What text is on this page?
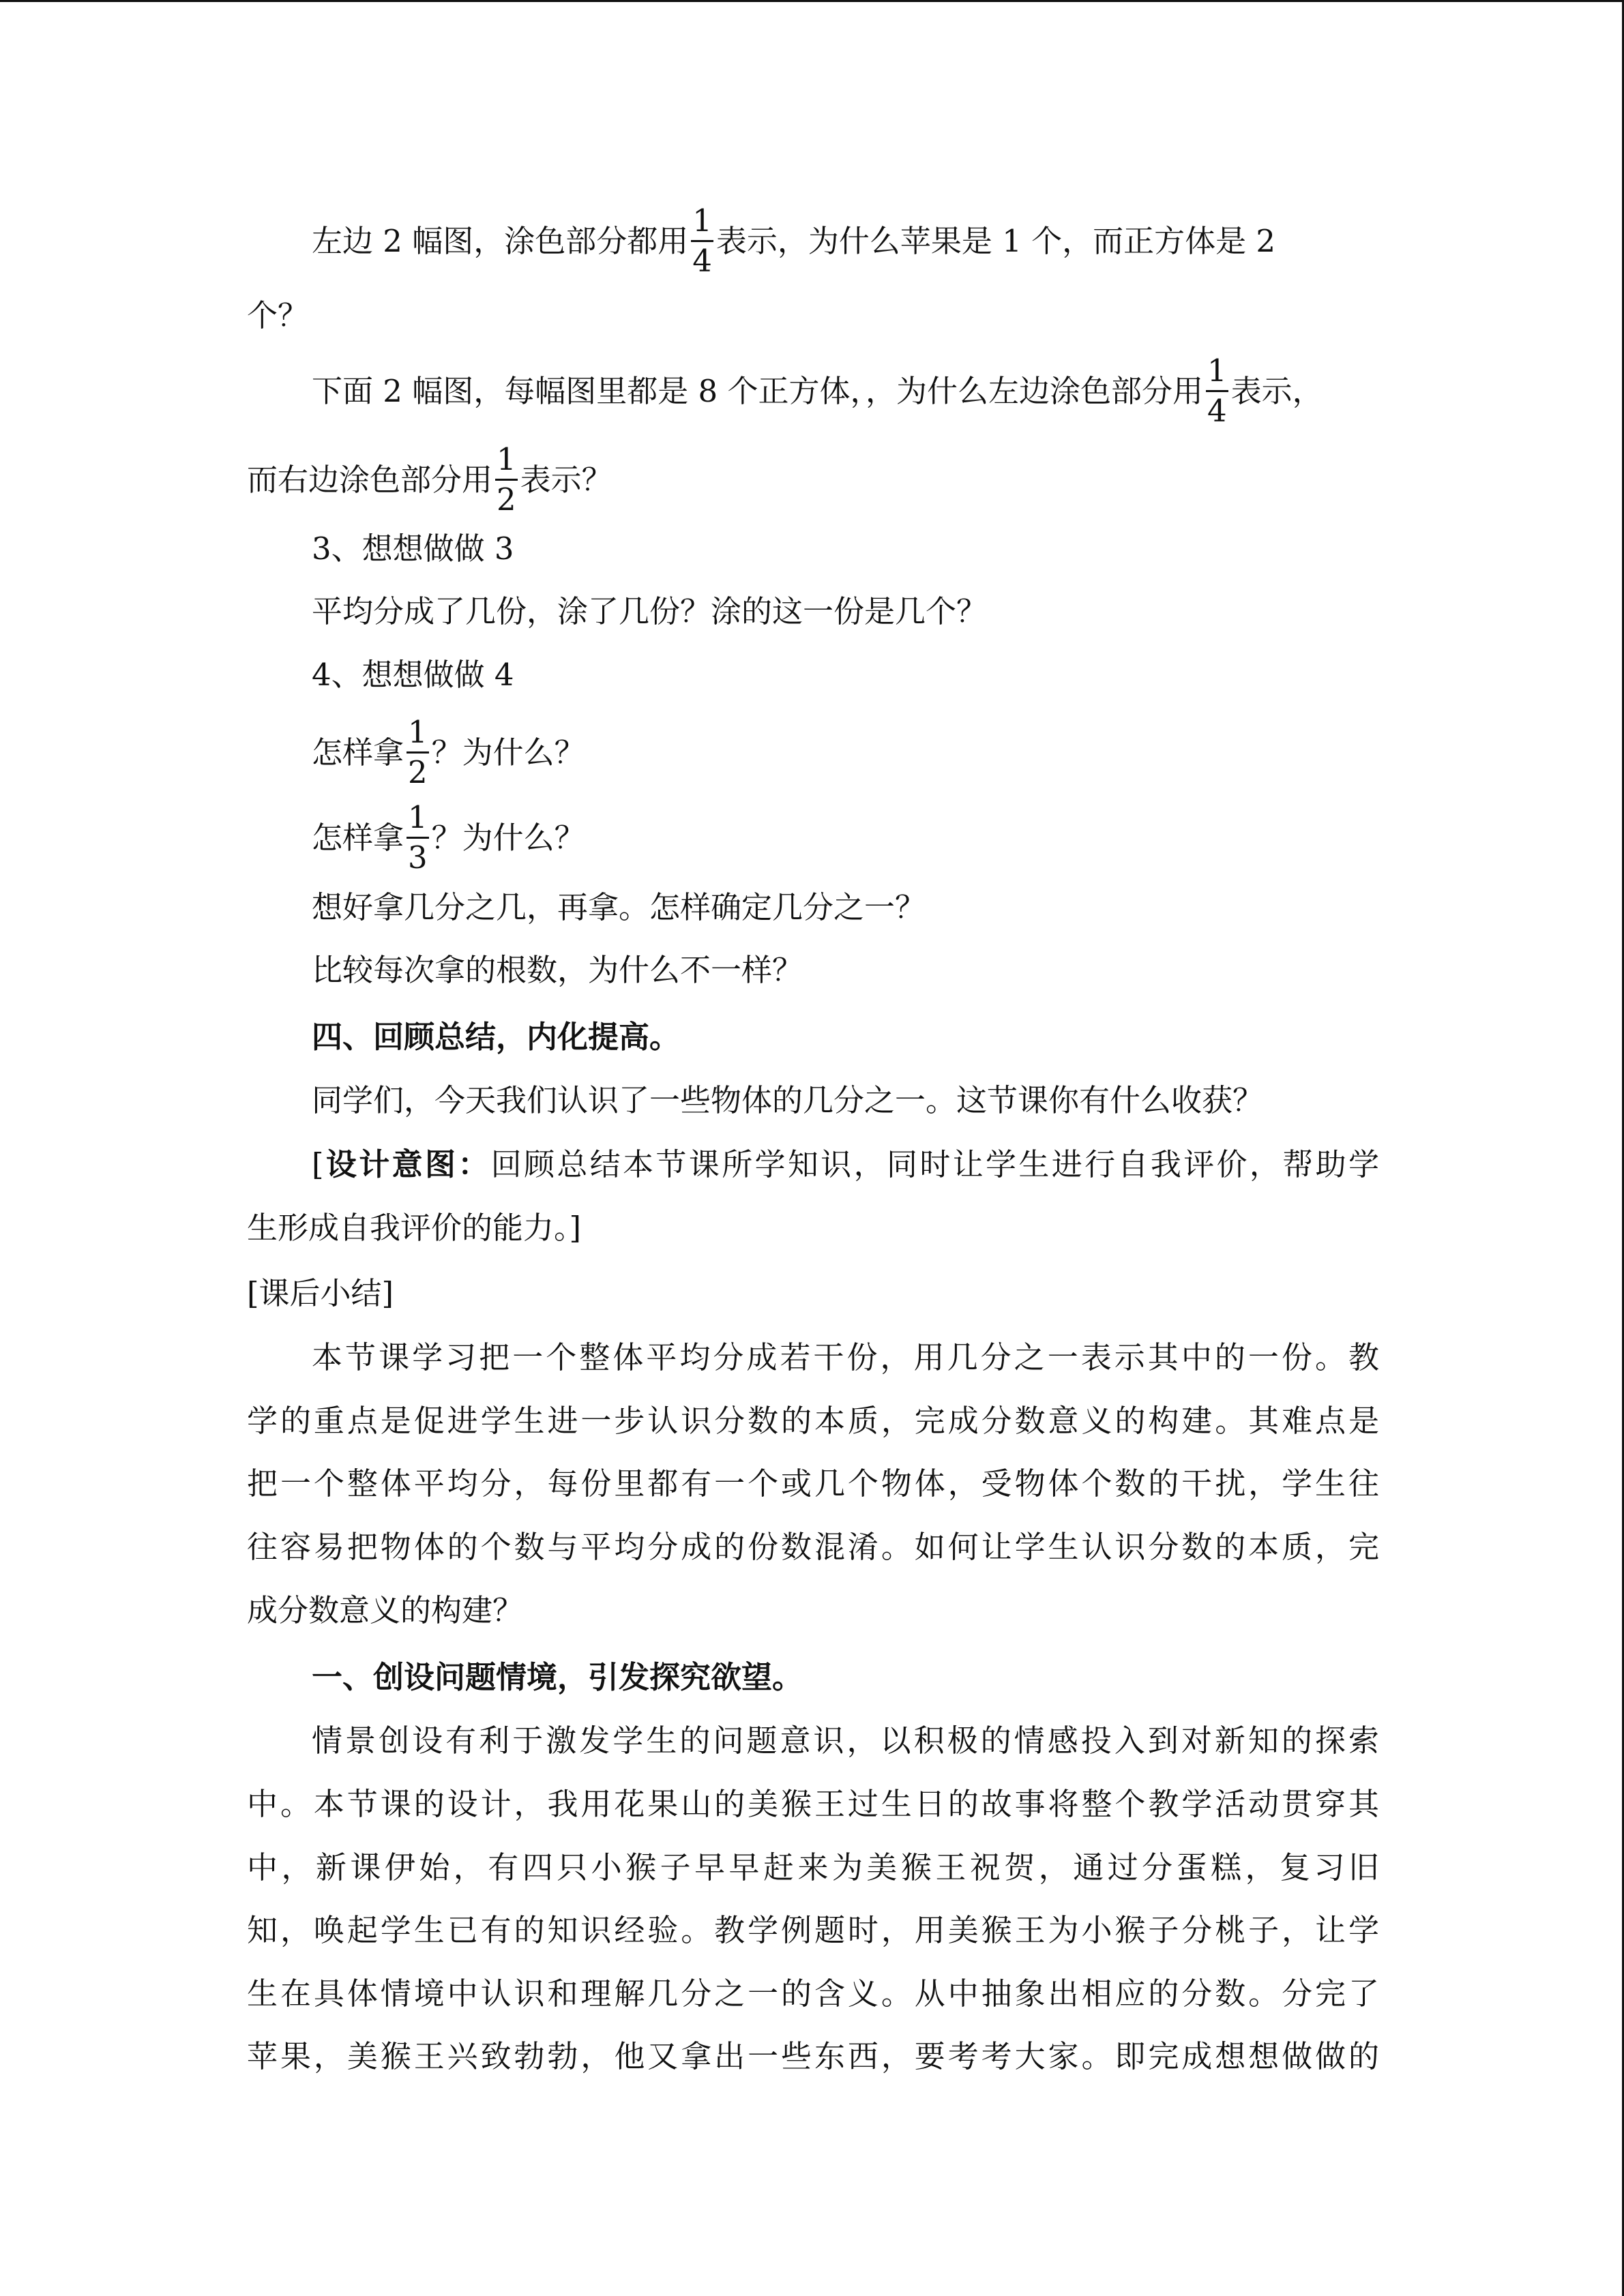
左边 2 幅图，涂色部分都用 $\frac{1}{4}$ 表示，为什么苹果是 1 个，而正方体是 2
个？
下面 2 幅图，每幅图里都是 8 个正方体，，为什么左边涂色部分用 $\frac{1}{4}$ 表示，
而右边涂色部分用 $\frac{1}{2}$ 表示？
3、想想做做 3
平均分成了几份，涂了几份？涂的这一份是几个？
4、想想做做 4
怎样拿 $\frac{1}{2}$ ？为什么？
怎样拿 $\frac{1}{3}$ ？为什么？
想好拿几分之几，再拿。怎样确定几分之一？
比较每次拿的根数，为什么不一样？
四、回顾总结，内化提高。
同学们，今天我们认识了一些物体的几分之一。这节课你有什么收获？
[设计意图：回顾总结本节课所学知识，同时让学生进行自我评价，帮助学
生形成自我评价的能力。]
[课后小结]
本节课学习把一个整体平均分成若干份，用几分之一表示其中的一份。教
学的重点是促进学生进一步认识分数的本质，完成分数意义的构建。其难点是
把一个整体平均分，每份里都有一个或几个物体，受物体个数的干扰，学生往
往容易把物体的个数与平均分成的份数混淆。如何让学生认识分数的本质，完
成分数意义的构建？
一、创设问题情境，引发探究欲望。
情景创设有利于激发学生的问题意识，以积极的情感投入到对新知的探索
中。本节课的设计，我用花果山的美猴王过生日的故事将整个教学活动贯穿其
中，新课伊始，有四只小猴子早早赶来为美猴王祝贺，通过分蛋糕，复习旧
知，唤起学生已有的知识经验。教学例题时，用美猴王为小猴子分桃子，让学
生在具体情境中认识和理解几分之一的含义。从中抽象出相应的分数。分完了
苹果，美猴王兴致勃勃，他又拿出一些东西，要考考大家。即完成想想做做的
